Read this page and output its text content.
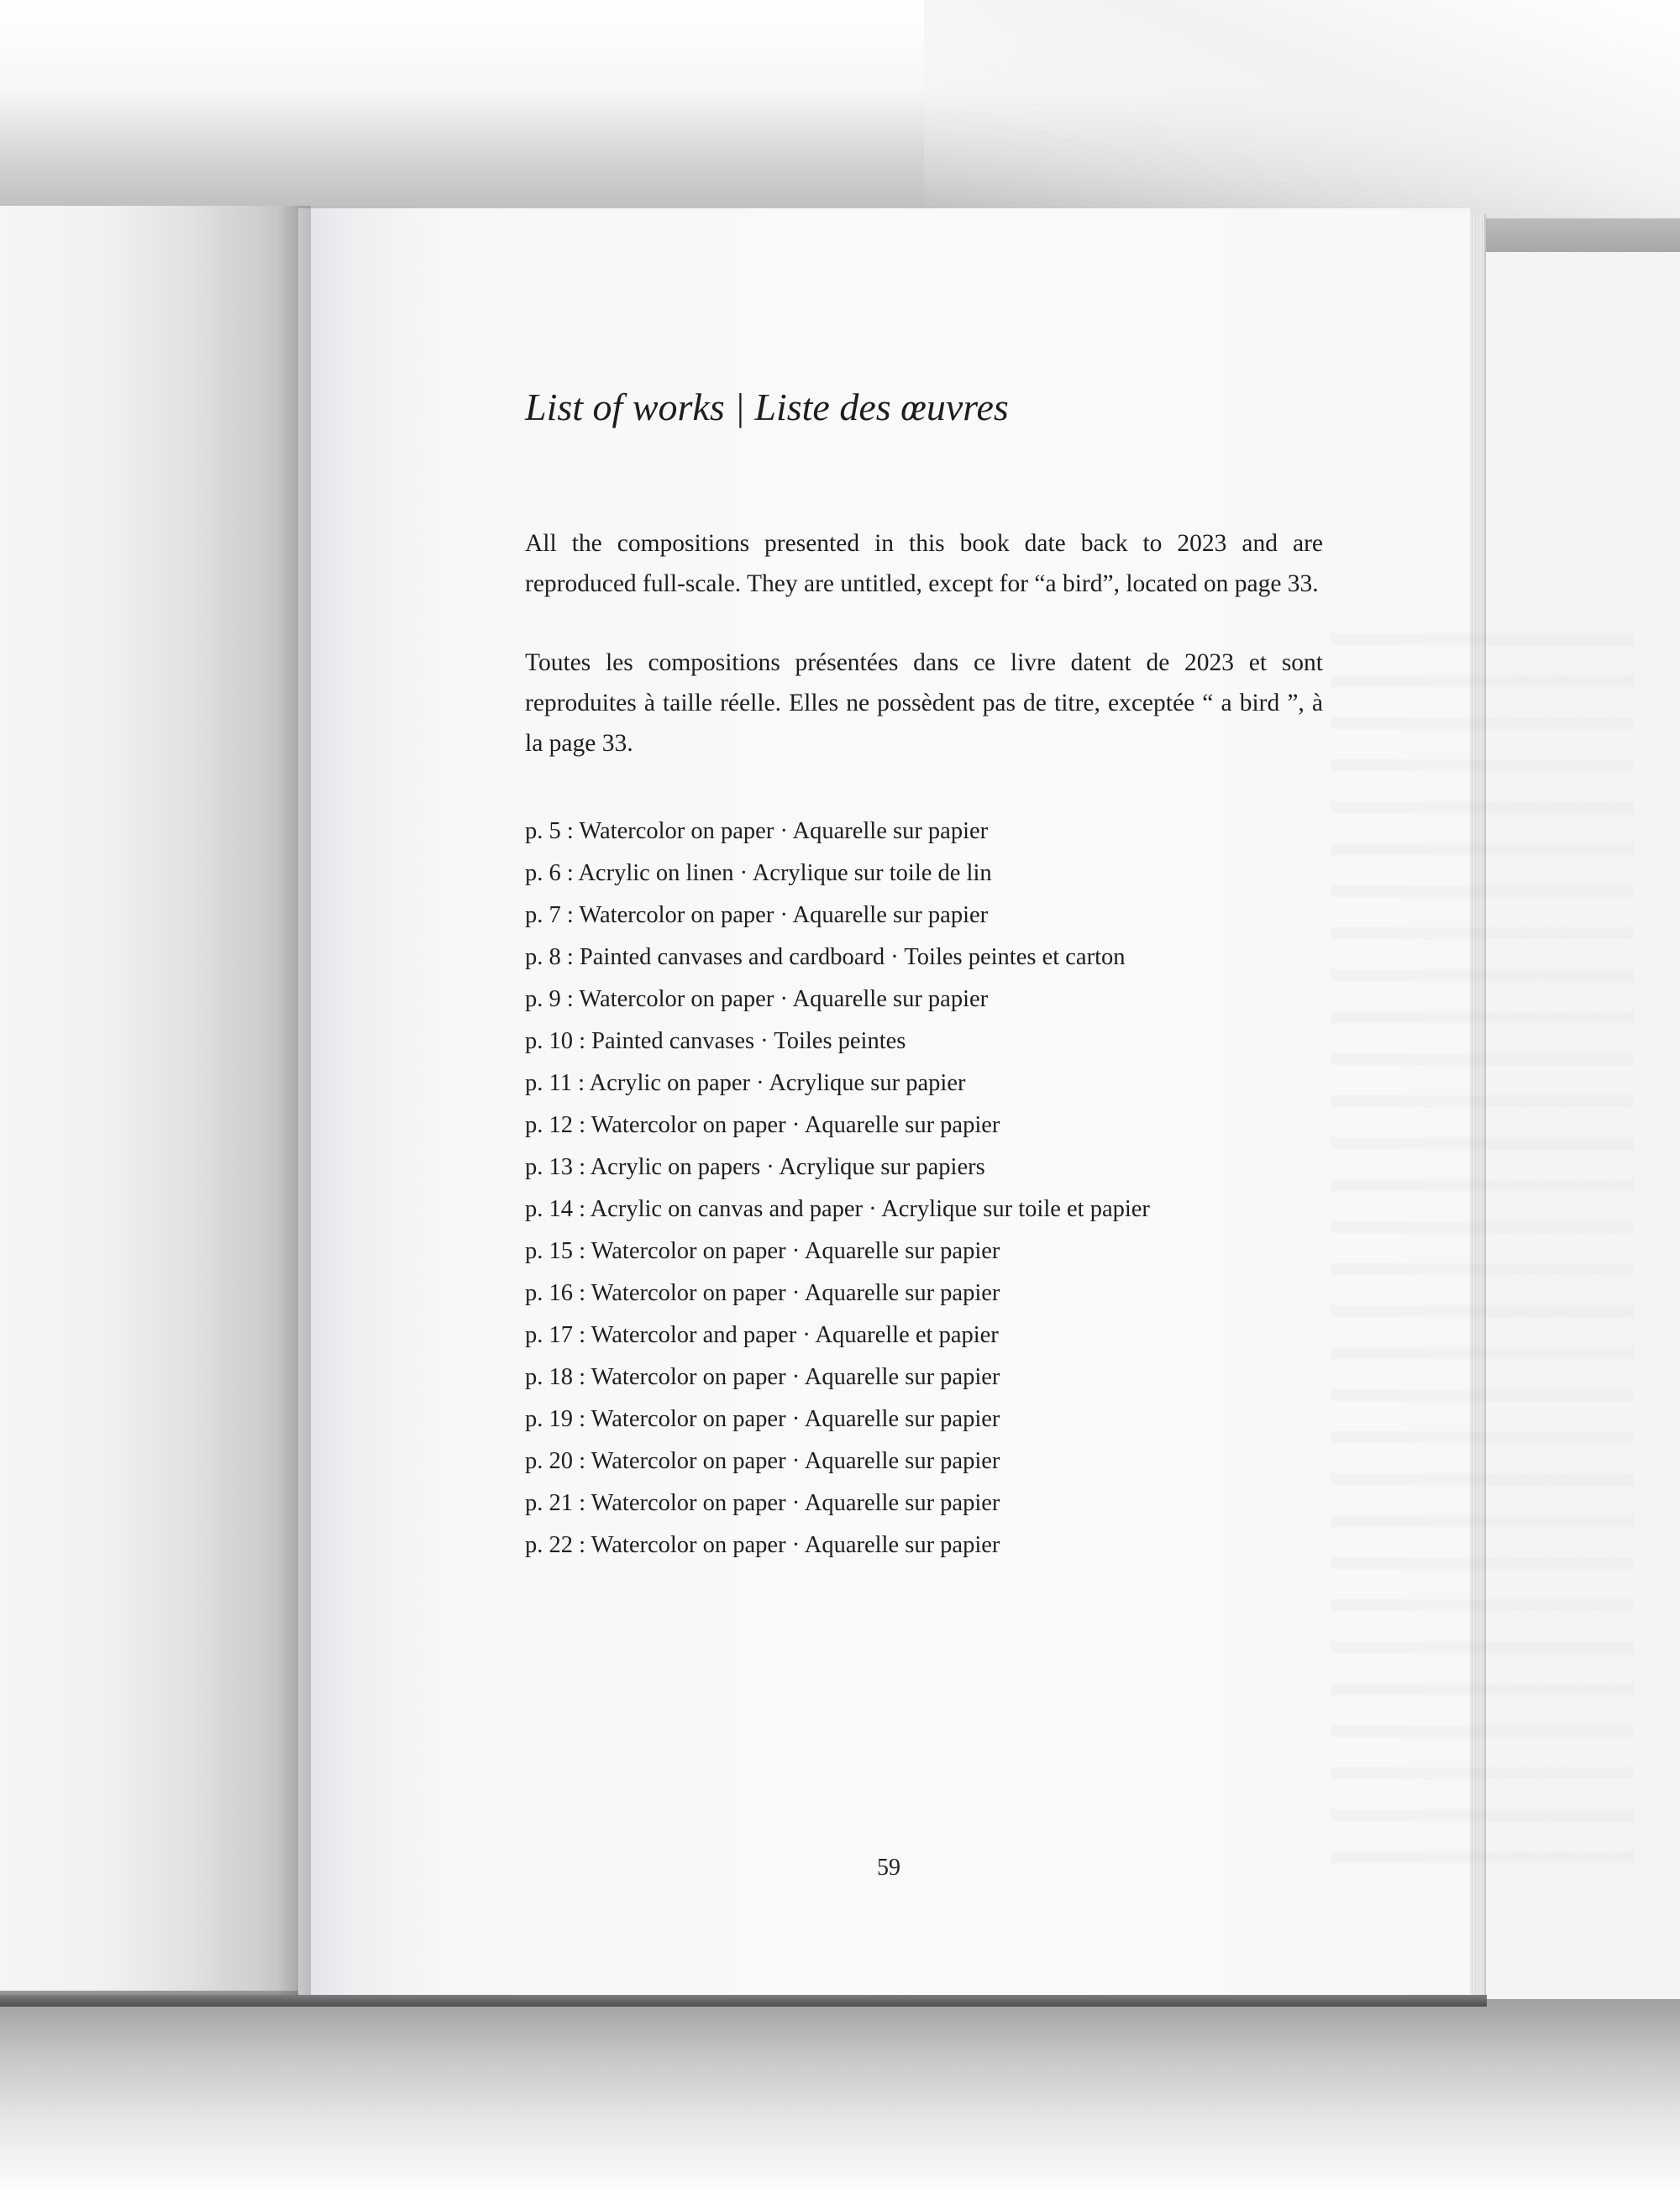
List of works | Liste des œuvres

All the compositions presented in this book date back to 2023 and are reproduced full-scale. They are untitled, except for “a bird”, located on page 33.

Toutes les compositions présentées dans ce livre datent de 2023 et sont reproduites à taille réelle. Elles ne possèdent pas de titre, exceptée “ a bird ”, à la page 33.

p. 5 : Watercolor on paper · Aquarelle sur papier
p. 6 : Acrylic on linen · Acrylique sur toile de lin
p. 7 : Watercolor on paper · Aquarelle sur papier
p. 8 : Painted canvases and cardboard · Toiles peintes et carton
p. 9 : Watercolor on paper · Aquarelle sur papier
p. 10 : Painted canvases · Toiles peintes
p. 11 : Acrylic on paper · Acrylique sur papier
p. 12 : Watercolor on paper · Aquarelle sur papier
p. 13 : Acrylic on papers · Acrylique sur papiers
p. 14 : Acrylic on canvas and paper · Acrylique sur toile et papier
p. 15 : Watercolor on paper · Aquarelle sur papier
p. 16 : Watercolor on paper · Aquarelle sur papier
p. 17 : Watercolor and paper · Aquarelle et papier
p. 18 : Watercolor on paper · Aquarelle sur papier
p. 19 : Watercolor on paper · Aquarelle sur papier
p. 20 : Watercolor on paper · Aquarelle sur papier
p. 21 : Watercolor on paper · Aquarelle sur papier
p. 22 : Watercolor on paper · Aquarelle sur papier
59
